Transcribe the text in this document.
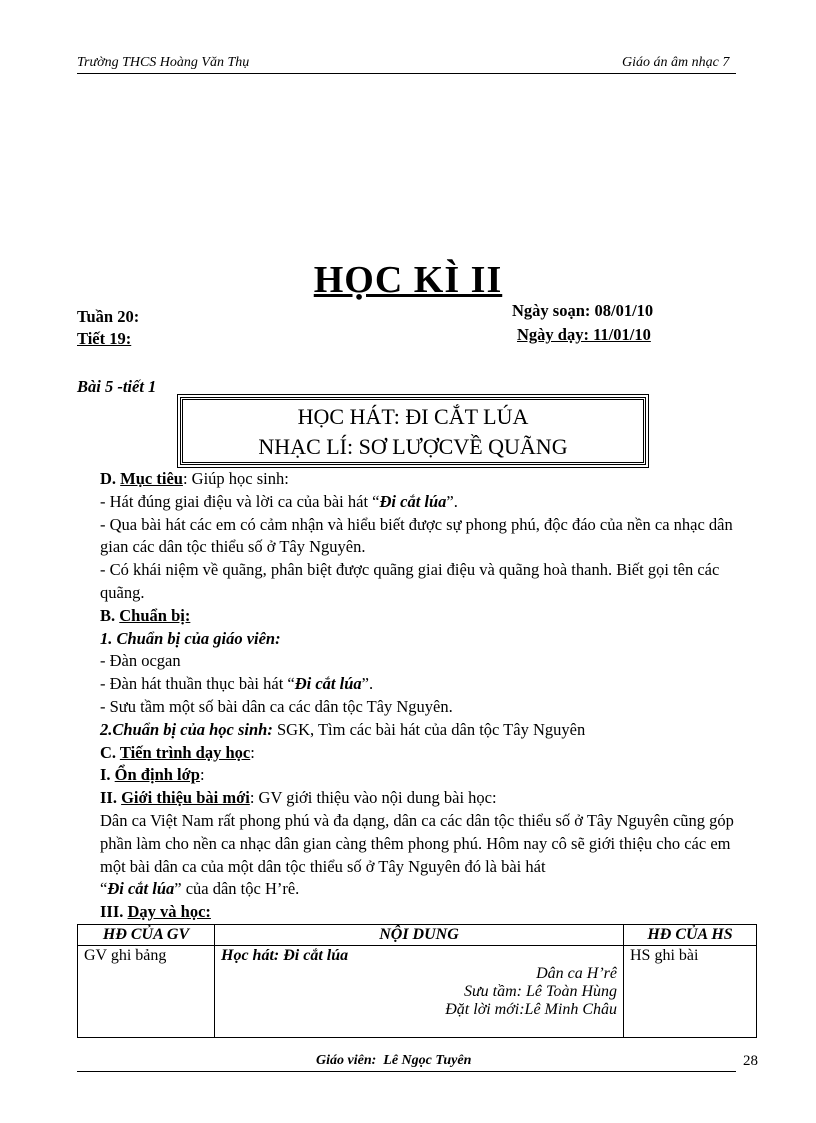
Trường THCS Hoàng Văn Thụ	Giáo án âm nhạc 7
HỌC KÌ II
Tuần 20:
Tiết 19:
Ngày soạn: 08/01/10
Ngày dạy: 11/01/10
Bài 5 -tiết 1
HỌC HÁT: ĐI CẮT LÚA
NHẠC LÍ: SƠ LƯỢCVỀ QUÃNG
D. Mục tiêu: Giúp học sinh:
- Hát đúng giai điệu và lời ca của bài hát “Đi cắt lúa”.
- Qua bài hát các em có cảm nhận và hiểu biết được sự phong phú, độc đáo của nền ca nhạc dân gian các dân tộc thiểu số ở Tây Nguyên.
- Có khái niệm về quãng, phân biệt được quãng giai điệu và quãng hoà thanh. Biết gọi tên các quãng.
B. Chuẩn bị:
1. Chuẩn bị của giáo viên:
- Đàn ocgan
- Đàn hát thuần thục bài hát “Đi cắt lúa”.
- Sưu tầm một số bài dân ca các dân tộc Tây Nguyên.
2.Chuẩn bị của học sinh: SGK, Tìm các bài hát của dân tộc Tây Nguyên
C. Tiến trình dạy học:
I. Ổn định lớp:
II. Giới thiệu bài mới: GV giới thiệu vào nội dung bài học:
Dân ca Việt Nam rất phong phú và đa dạng, dân ca các dân tộc thiểu số ở Tây Nguyên cũng góp phần làm cho nền ca nhạc dân gian càng thêm phong phú. Hôm nay cô sẽ giới thiệu cho các em một bài dân ca của một dân tộc thiểu số ở Tây Nguyên đó là bài hát
“Đi cắt lúa” của dân tộc H’rê.
III. Dạy và học:
HĐ CỦA GV	NỘI DUNG	HĐ CỦA HS
GV ghi bảng	Học hát: Đi cắt lúa
Dân ca H’rê
Sưu tầm: Lê Toàn Hùng
Đặt lời mới:Lê Minh Châu	HS ghi bài
Giáo viên: Lê Ngọc Tuyên	28
